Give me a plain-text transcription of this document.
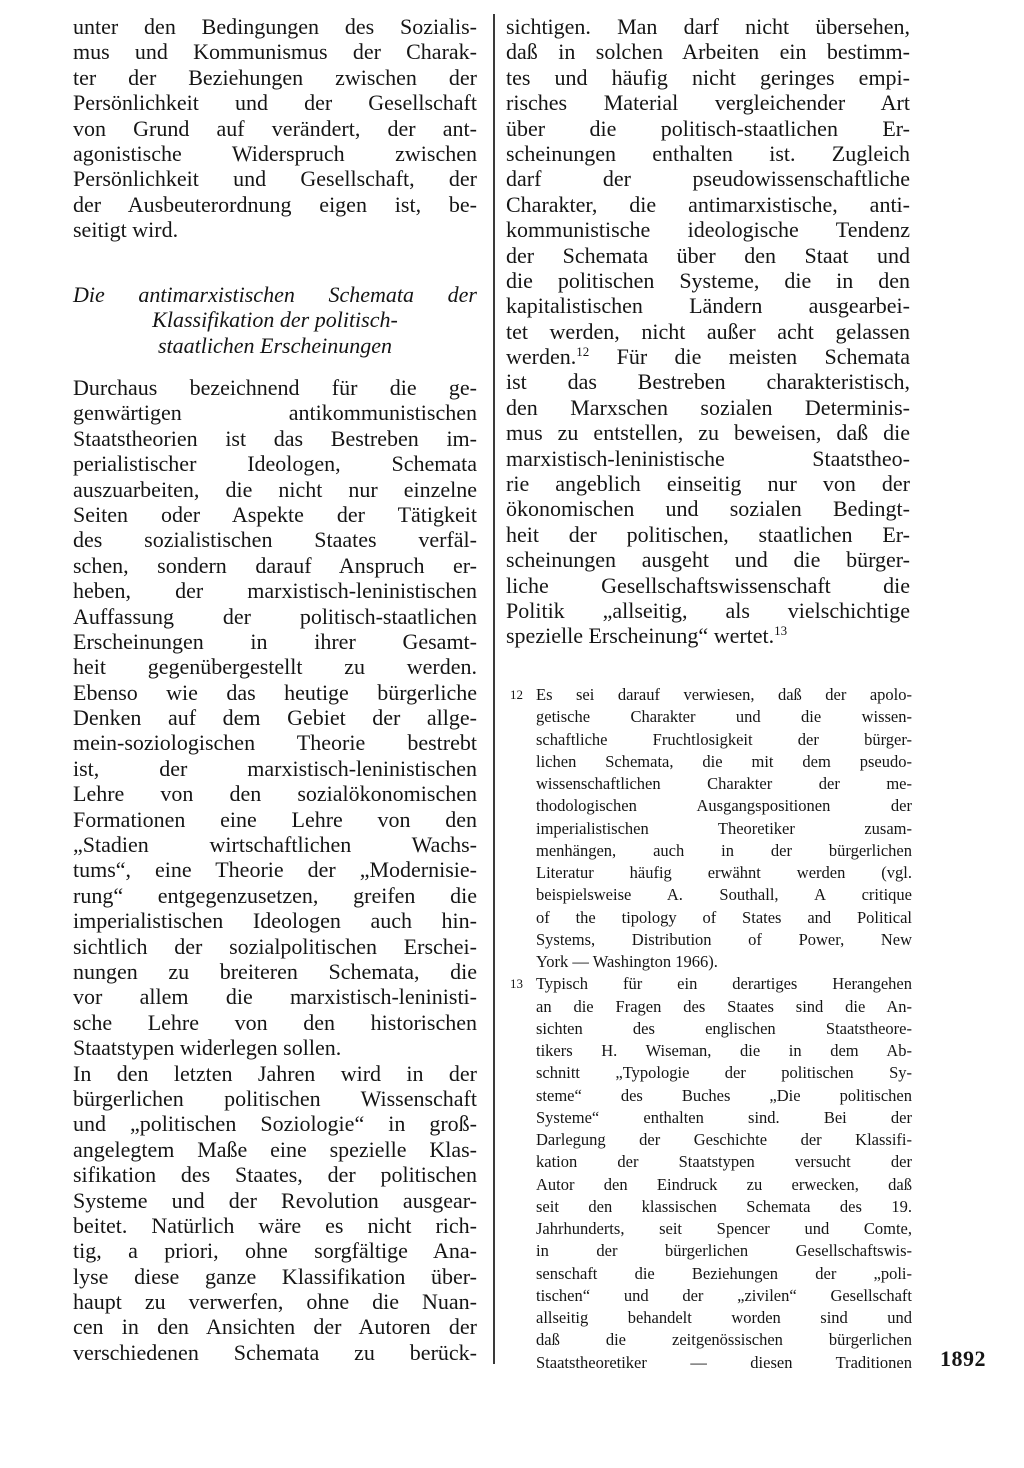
unter den Bedingungen des Sozialis-
mus und Kommunismus der Charak-
ter der Beziehungen zwischen der
Persönlichkeit und der Gesellschaft
von Grund auf verändert, der ant-
agonistische Widerspruch zwischen
Persönlichkeit und Gesellschaft, der
der Ausbeuterordnung eigen ist, be-
seitigt wird.
Die antimarxistischen Schemata der
Klassifikation der politisch-
staatlichen Erscheinungen
Durchaus bezeichnend für die ge-
genwärtigen antikommunistischen
Staatstheorien ist das Bestreben im-
perialistischer Ideologen, Schemata
auszuarbeiten, die nicht nur einzelne
Seiten oder Aspekte der Tätigkeit
des sozialistischen Staates verfäl-
schen, sondern darauf Anspruch er-
heben, der marxistisch-leninistischen
Auffassung der politisch-staatlichen
Erscheinungen in ihrer Gesamt-
heit gegenübergestellt zu werden.
Ebenso wie das heutige bürgerliche
Denken auf dem Gebiet der allge-
mein-soziologischen Theorie bestrebt
ist, der marxistisch-leninistischen
Lehre von den sozialökonomischen
Formationen eine Lehre von den
„Stadien wirtschaftlichen Wachs-
tums“, eine Theorie der „Modernisie-
rung“ entgegenzusetzen, greifen die
imperialistischen Ideologen auch hin-
sichtlich der sozialpolitischen Erschei-
nungen zu breiteren Schemata, die
vor allem die marxistisch-leninisti-
sche Lehre von den historischen
Staatstypen widerlegen sollen.
In den letzten Jahren wird in der
bürgerlichen politischen Wissenschaft
und „politischen Soziologie“ in groß-
angelegtem Maße eine spezielle Klas-
sifikation des Staates, der politischen
Systeme und der Revolution ausgear-
beitet. Natürlich wäre es nicht rich-
tig, a priori, ohne sorgfältige Ana-
lyse diese ganze Klassifikation über-
haupt zu verwerfen, ohne die Nuan-
cen in den Ansichten der Autoren der
verschiedenen Schemata zu berück-
sichtigen. Man darf nicht übersehen,
daß in solchen Arbeiten ein bestimm-
tes und häufig nicht geringes empi-
risches Material vergleichender Art
über die politisch-staatlichen Er-
scheinungen enthalten ist. Zugleich
darf der pseudowissenschaftliche
Charakter, die antimarxistische, anti-
kommunistische ideologische Tendenz
der Schemata über den Staat und
die politischen Systeme, die in den
kapitalistischen Ländern ausgearbei-
tet werden, nicht außer acht gelassen
werden.$^{12}$ Für die meisten Schemata
ist das Bestreben charakteristisch,
den Marxschen sozialen Determinis-
mus zu entstellen, zu beweisen, daß die
marxistisch-leninistische Staatstheo-
rie angeblich einseitig nur von der
ökonomischen und sozialen Bedingt-
heit der politischen, staatlichen Er-
scheinungen ausgeht und die bürger-
liche Gesellschaftswissenschaft die
Politik „allseitig, als vielschichtige
spezielle Erscheinung“ wertet.$^{13}$
12 Es sei darauf verwiesen, daß der apolo-
getische Charakter und die wissen-
schaftliche Fruchtlosigkeit der bürger-
lichen Schemata, die mit dem pseudo-
wissenschaftlichen Charakter der me-
thodologischen Ausgangspositionen der
imperialistischen Theoretiker zusam-
menhängen, auch in der bürgerlichen
Literatur häufig erwähnt werden (vgl.
beispielsweise A. Southall, A critique
of the tipology of States and Political
Systems, Distribution of Power, New
York — Washington 1966).
13 Typisch für ein derartiges Herangehen
an die Fragen des Staates sind die An-
sichten des englischen Staatstheore-
tikers H. Wiseman, die in dem Ab-
schnitt „Typologie der politischen Sy-
steme“ des Buches „Die politischen
Systeme“ enthalten sind. Bei der
Darlegung der Geschichte der Klassifi-
kation der Staatstypen versucht der
Autor den Eindruck zu erwecken, daß
seit den klassischen Schemata des 19.
Jahrhunderts, seit Spencer und Comte,
in der bürgerlichen Gesellschaftswis-
senschaft die Beziehungen der „poli-
tischen“ und der „zivilen“ Gesellschaft
allseitig behandelt worden sind und
daß die zeitgenössischen bürgerlichen
Staatstheoretiker — diesen Traditionen 1892
